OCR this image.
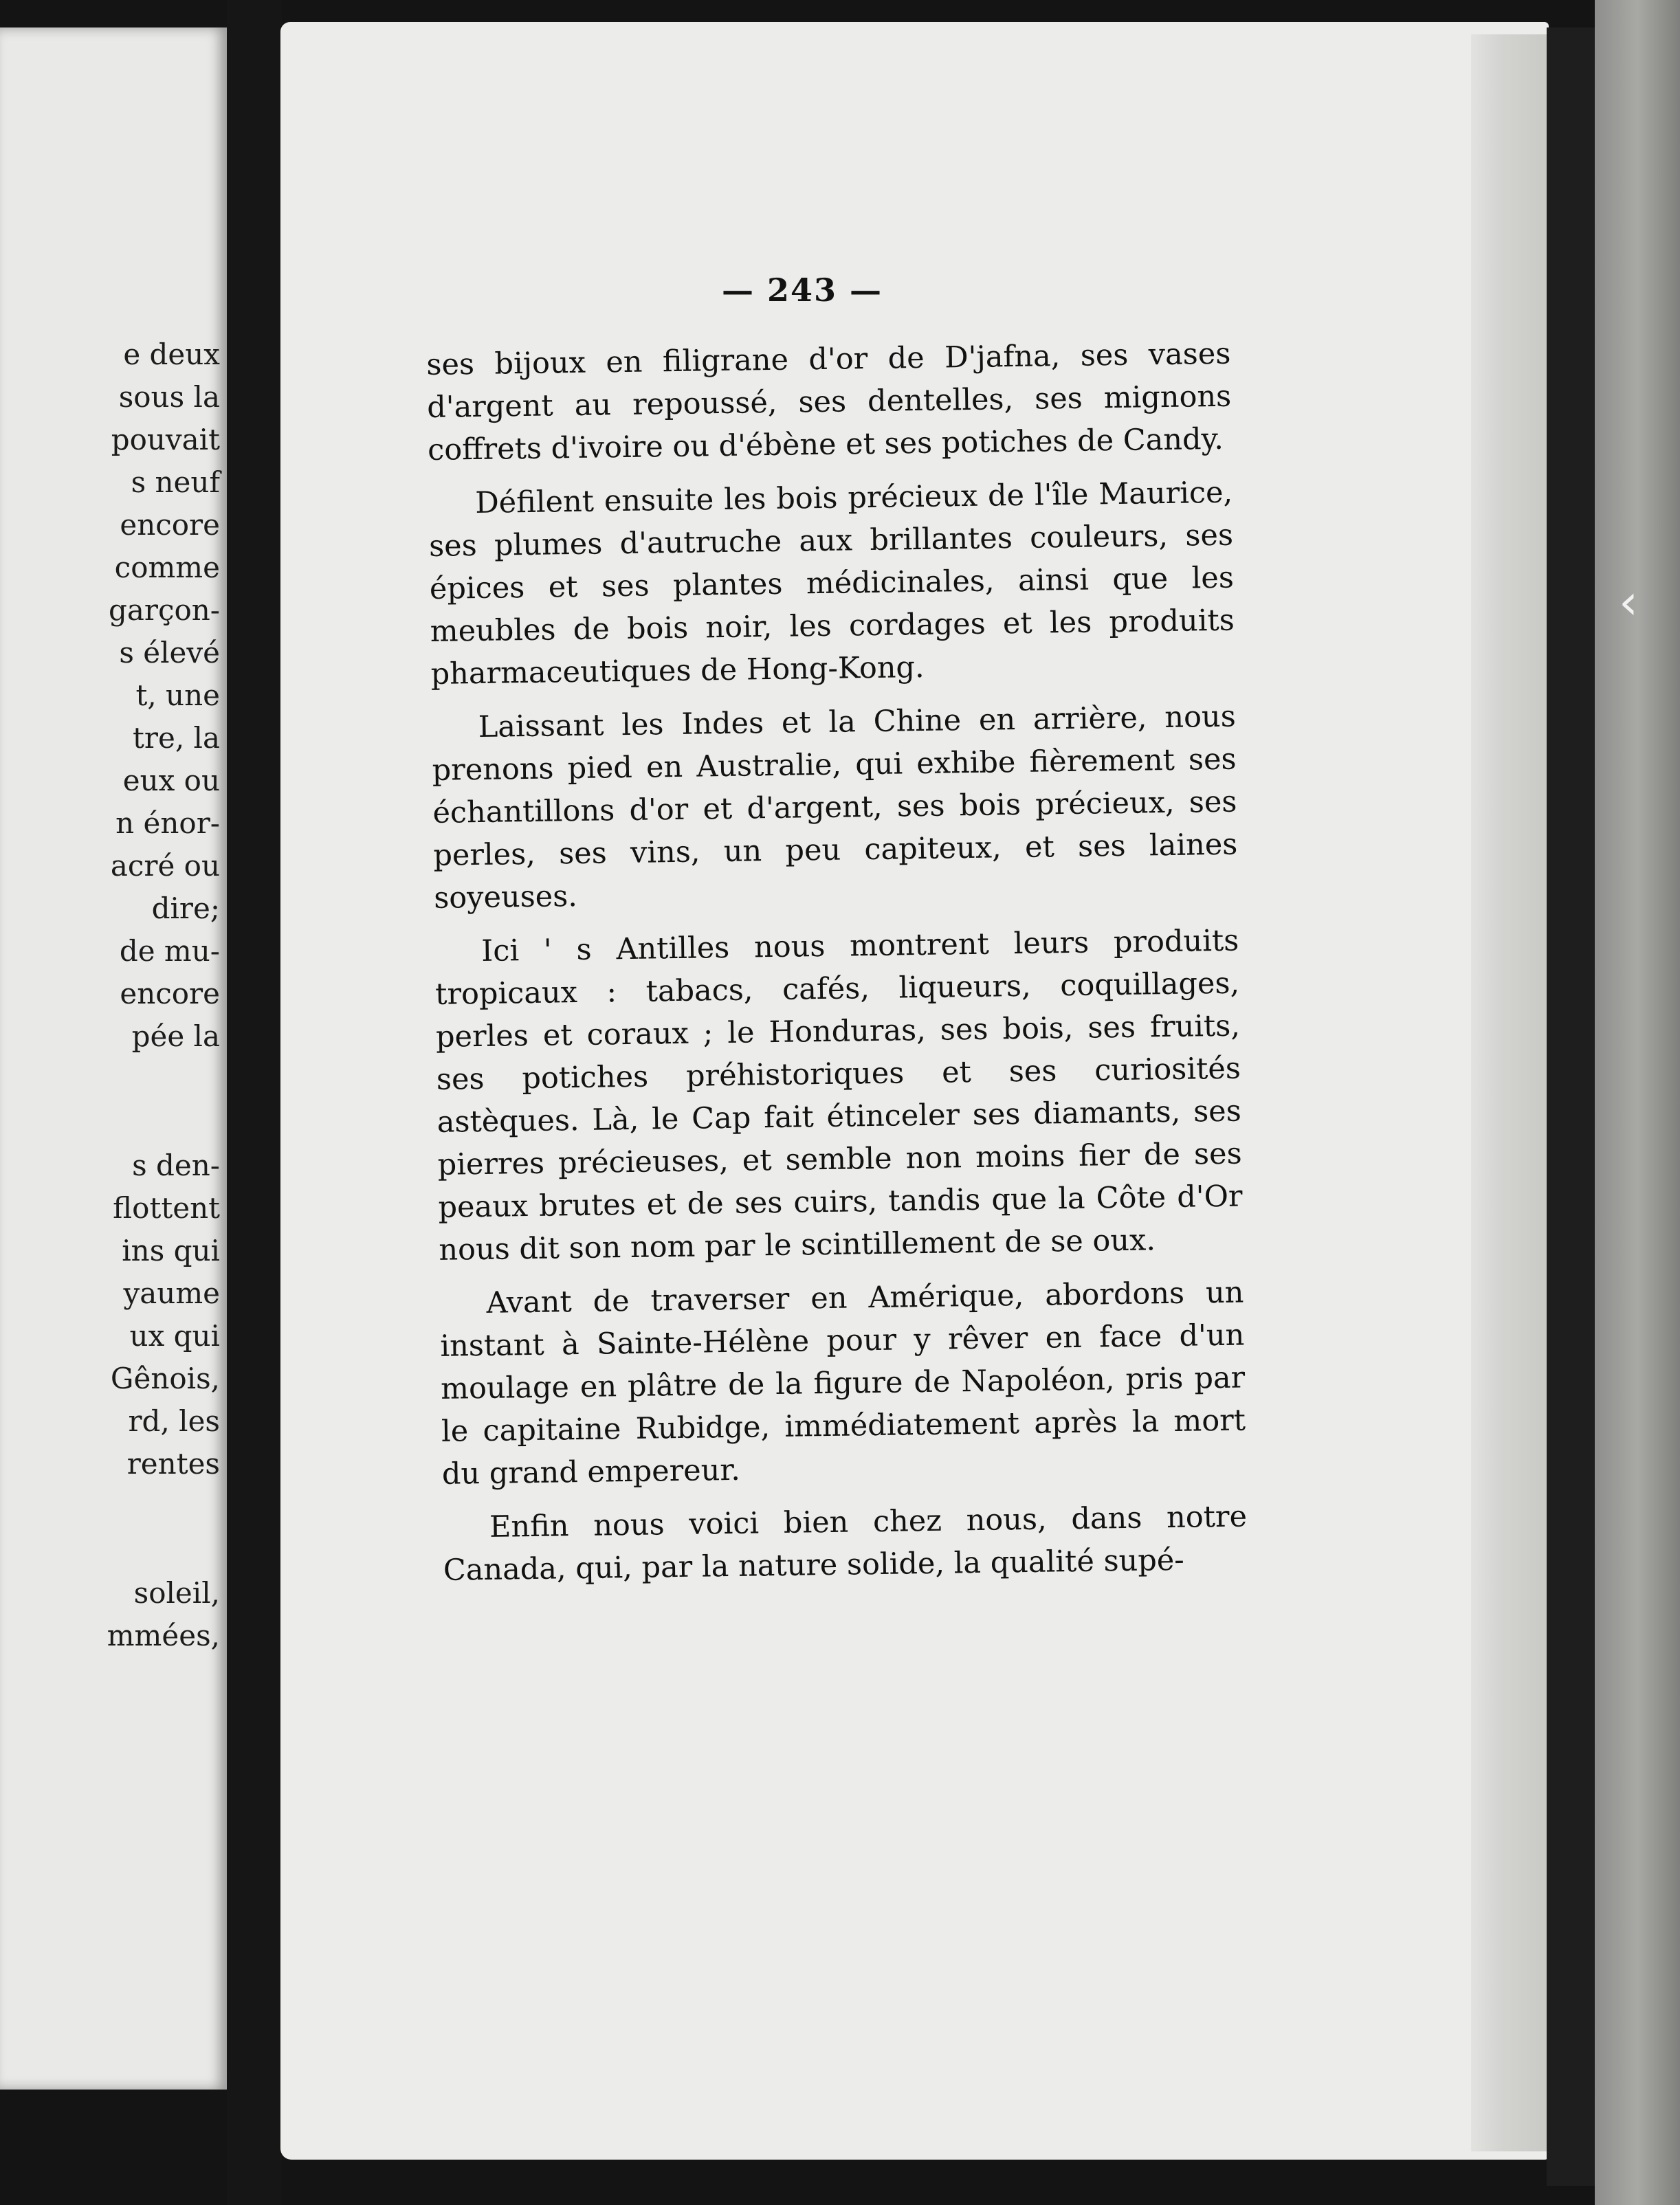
e deux
sous la
pouvait
s neuf
encore
comme
garçon-
s élevé
t, une
tre, la
eux ou
n énor-
acré ou
dire;
de mu-
encore
pée la
s den-
flottent
ins qui
yaume
ux qui
Gênois,
rd, les
rentes
soleil,
mmées,
‹
— 243 —

ses bijoux en filigrane d'or de D'jafna, ses vases d'argent au repoussé, ses dentelles, ses mignons coffrets d'ivoire ou d'ébène et ses potiches de Candy.

Défilent ensuite les bois précieux de l'île Maurice, ses plumes d'autruche aux brillantes couleurs, ses épices et ses plantes médicinales, ainsi que les meubles de bois noir, les cordages et les produits pharmaceutiques de Hong-Kong.

Laissant les Indes et la Chine en arrière, nous prenons pied en Australie, qui exhibe fièrement ses échantillons d'or et d'argent, ses bois précieux, ses perles, ses vins, un peu capiteux, et ses laines soyeuses.

Ici ' s Antilles nous montrent leurs produits tropicaux : tabacs, cafés, liqueurs, coquillages, perles et coraux ; le Honduras, ses bois, ses fruits, ses potiches préhistoriques et ses curiosités astèques. Là, le Cap fait étinceler ses diamants, ses pierres précieuses, et semble non moins fier de ses peaux brutes et de ses cuirs, tandis que la Côte d'Or nous dit son nom par le scintillement de se oux.

Avant de traverser en Amérique, abordons un instant à Sainte-Hélène pour y rêver en face d'un moulage en plâtre de la figure de Napoléon, pris par le capitaine Rubidge, immédiatement après la mort du grand empereur.

Enfin nous voici bien chez nous, dans notre Canada, qui, par la nature solide, la qualité supé-
